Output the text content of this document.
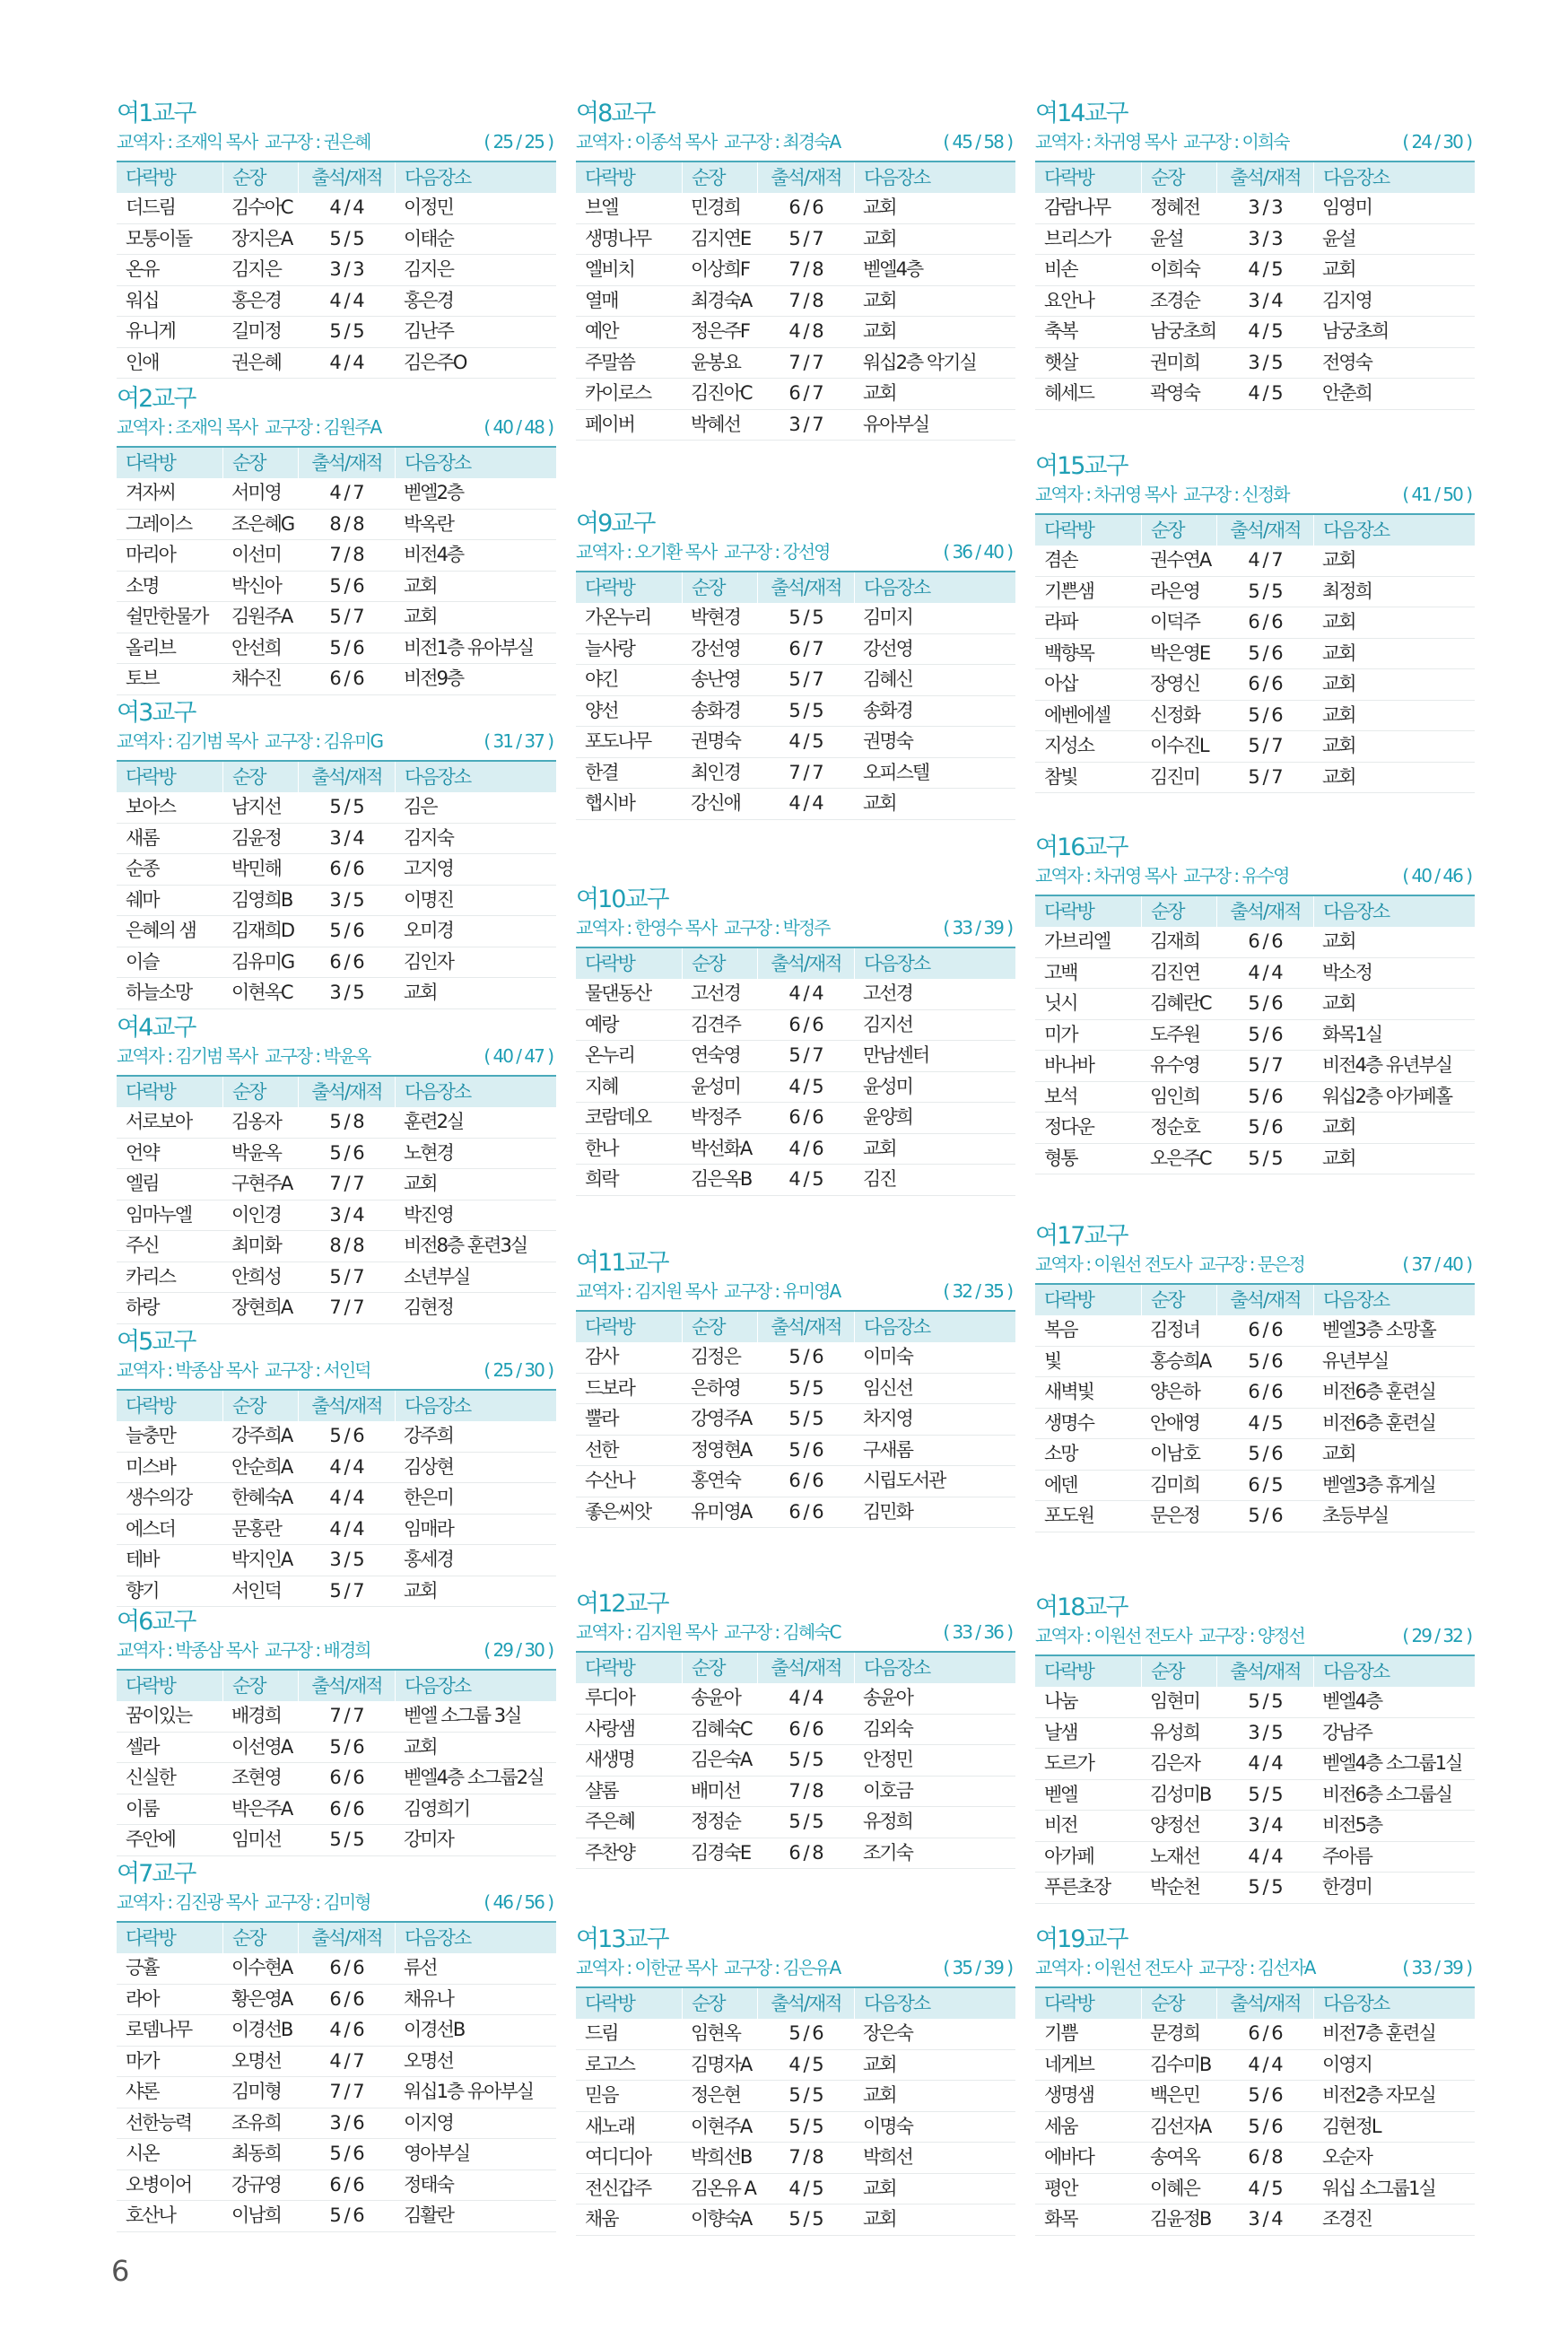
여1교구
교역자 : 조재익 목사 교구장 : 권은혜	( 25 / 25 )
다락방	순장	출석/재적	다음장소
더드림	김수아C	4 / 4	이정민
모퉁이돌	장지은A	5 / 5	이태순
온유	김지은	3 / 3	김지은
워십	홍은경	4 / 4	홍은경
유니게	길미정	5 / 5	김난주
인애	권은혜	4 / 4	김은주O
여2교구
교역자 : 조재익 목사 교구장 : 김원주A	( 40 / 48 )
다락방	순장	출석/재적	다음장소
겨자씨	서미영	4 / 7	벧엘2층
그레이스	조은혜G	8 / 8	박옥란
마리아	이선미	7 / 8	비전4층
소명	박신아	5 / 6	교회
쉴만한물가	김원주A	5 / 7	교회
올리브	안선희	5 / 6	비전1층 유아부실
토브	채수진	6 / 6	비전9층
여3교구
교역자 : 김기범 목사 교구장 : 김유미G	( 31 / 37 )
다락방	순장	출석/재적	다음장소
보아스	남지선	5 / 5	김은
새롬	김윤정	3 / 4	김지숙
순종	박민해	6 / 6	고지영
쉐마	김영희B	3 / 5	이명진
은혜의 샘	김재희D	5 / 6	오미경
이슬	김유미G	6 / 6	김인자
하늘소망	이현옥C	3 / 5	교회
여4교구
교역자 : 김기범 목사 교구장 : 박윤옥	( 40 / 47 )
다락방	순장	출석/재적	다음장소
서로보아	김옹자	5 / 8	훈련2실
언약	박윤옥	5 / 6	노현경
엘림	구현주A	7 / 7	교회
임마누엘	이인경	3 / 4	박진영
주신	최미화	8 / 8	비전8층 훈련3실
카리스	안희성	5 / 7	소년부실
하랑	장현희A	7 / 7	김현정
여5교구
교역자 : 박종삼 목사 교구장 : 서인덕	( 25 / 30 )
다락방	순장	출석/재적	다음장소
늘충만	강주희A	5 / 6	강주희
미스바	안순희A	4 / 4	김상현
생수의강	한혜숙A	4 / 4	한은미
에스더	문홍란	4 / 4	임매라
테바	박지인A	3 / 5	홍세경
향기	서인덕	5 / 7	교회
여6교구
교역자 : 박종삼 목사 교구장 : 배경희	( 29 / 30 )
다락방	순장	출석/재적	다음장소
꿈이있는	배경희	7 / 7	벧엘 소그룹 3실
셀라	이선영A	5 / 6	교회
신실한	조현영	6 / 6	벧엘4층 소그룹2실
이룸	박은주A	6 / 6	김영희기
주안에	임미선	5 / 5	강미자
여7교구
교역자 : 김진광 목사 교구장 : 김미형	( 46 / 56 )
다락방	순장	출석/재적	다음장소
긍휼	이수현A	6 / 6	류선
라아	황은영A	6 / 6	채유나
로뎀나무	이경선B	4 / 6	이경선B
마가	오명선	4 / 7	오명선
샤론	김미형	7 / 7	워십1층 유아부실
선한능력	조유희	3 / 6	이지영
시온	최동희	5 / 6	영아부실
오병이어	강규영	6 / 6	정태숙
호산나	이남희	5 / 6	김활란
여8교구
교역자 : 이종석 목사 교구장 : 최경숙A	( 45 / 58 )
다락방	순장	출석/재적	다음장소
브엘	민경희	6 / 6	교회
생명나무	김지연E	5 / 7	교회
엘비치	이상희F	7 / 8	벧엘4층
열매	최경숙A	7 / 8	교회
예안	정은주F	4 / 8	교회
주말씀	윤봉요	7 / 7	워십2층 악기실
카이로스	김진아C	6 / 7	교회
페이버	박혜선	3 / 7	유아부실
여9교구
교역자 : 오기환 목사 교구장 : 강선영	( 36 / 40 )
다락방	순장	출석/재적	다음장소
가온누리	박현경	5 / 5	김미지
늘사랑	강선영	6 / 7	강선영
야긴	송난영	5 / 7	김혜신
양선	송화경	5 / 5	송화경
포도나무	권명숙	4 / 5	권명숙
한결	최인경	7 / 7	오피스텔
햅시바	강신애	4 / 4	교회
여10교구
교역자 : 한영수 목사 교구장 : 박정주	( 33 / 39 )
다락방	순장	출석/재적	다음장소
물댄동산	고선경	4 / 4	고선경
예랑	김견주	6 / 6	김지선
온누리	연숙영	5 / 7	만남센터
지혜	윤성미	4 / 5	윤성미
코람데오	박정주	6 / 6	윤양희
한나	박선화A	4 / 6	교회
희락	김은옥B	4 / 5	김진
여11교구
교역자 : 김지원 목사 교구장 : 유미영A	( 32 / 35 )
다락방	순장	출석/재적	다음장소
감사	김정은	5 / 6	이미숙
드보라	은하영	5 / 5	임신선
뿔라	강영주A	5 / 5	차지영
선한	정영현A	5 / 6	구새롬
수산나	홍연숙	6 / 6	시립도서관
좋은씨앗	유미영A	6 / 6	김민화
여12교구
교역자 : 김지원 목사 교구장 : 김혜숙C	( 33 / 36 )
다락방	순장	출석/재적	다음장소
루디아	송윤아	4 / 4	송윤아
사랑샘	김혜숙C	6 / 6	김외숙
새생명	김은숙A	5 / 5	안정민
샬롬	배미선	7 / 8	이호금
주은혜	정정순	5 / 5	유정희
주찬양	김경숙E	6 / 8	조기숙
여13교구
교역자 : 이한균 목사 교구장 : 김은유A	( 35 / 39 )
다락방	순장	출석/재적	다음장소
드림	임현옥	5 / 6	장은숙
로고스	김명자A	4 / 5	교회
믿음	정은현	5 / 5	교회
새노래	이현주A	5 / 5	이명숙
여디디아	박희선B	7 / 8	박희선
전신갑주	김온유 A	4 / 5	교회
채움	이향숙A	5 / 5	교회
여14교구
교역자 : 차귀영 목사 교구장 : 이희숙	( 24 / 30 )
다락방	순장	출석/재적	다음장소
감람나무	정혜전	3 / 3	임영미
브리스가	윤설	3 / 3	윤설
비손	이희숙	4 / 5	교회
요안나	조경순	3 / 4	김지영
축복	남궁초희	4 / 5	남궁초희
햇살	권미희	3 / 5	전영숙
헤세드	곽영숙	4 / 5	안춘희
여15교구
교역자 : 차귀영 목사 교구장 : 신정화	( 41 / 50 )
다락방	순장	출석/재적	다음장소
겸손	권수연A	4 / 7	교회
기쁜샘	라은영	5 / 5	최정희
라파	이덕주	6 / 6	교회
백향목	박은영E	5 / 6	교회
아삽	장영신	6 / 6	교회
에벤에셀	신정화	5 / 6	교회
지성소	이수진L	5 / 7	교회
참빛	김진미	5 / 7	교회
여16교구
교역자 : 차귀영 목사 교구장 : 유수영	( 40 / 46 )
다락방	순장	출석/재적	다음장소
가브리엘	김재희	6 / 6	교회
고백	김진연	4 / 4	박소정
닛시	김혜란C	5 / 6	교회
미가	도주원	5 / 6	화목1실
바나바	유수영	5 / 7	비전4층 유년부실
보석	임인희	5 / 6	워십2층 아가페홀
정다운	정순호	5 / 6	교회
형통	오은주C	5 / 5	교회
여17교구
교역자 : 이원선 전도사 교구장 : 문은정	( 37 / 40 )
다락방	순장	출석/재적	다음장소
복음	김정녀	6 / 6	벧엘3층 소망홀
빛	홍승희A	5 / 6	유년부실
새벽빛	양은하	6 / 6	비전6층 훈련실
생명수	안애영	4 / 5	비전6층 훈련실
소망	이남호	5 / 6	교회
에덴	김미희	6 / 5	벧엘3층 휴게실
포도원	문은정	5 / 6	초등부실
여18교구
교역자 : 이원선 전도사 교구장 : 양정선	( 29 / 32 )
다락방	순장	출석/재적	다음장소
나눔	임현미	5 / 5	벧엘4층
날샘	유성희	3 / 5	강남주
도르가	김은자	4 / 4	벧엘4층 소그룹1실
벧엘	김성미B	5 / 5	비전6층 소그룹실
비전	양정선	3 / 4	비전5층
아가페	노재선	4 / 4	주아름
푸른초장	박순천	5 / 5	한경미
여19교구
교역자 : 이원선 전도사 교구장 : 김선자A	( 33 / 39 )
다락방	순장	출석/재적	다음장소
기쁨	문경희	6 / 6	비전7층 훈련실
네게브	김수미B	4 / 4	이영지
생명샘	백은민	5 / 6	비전2층 자모실
세움	김선자A	5 / 6	김현정L
에바다	송여옥	6 / 8	오순자
평안	이혜은	4 / 5	워십 소그룹1실
화목	김윤정B	3 / 4	조경진
6
